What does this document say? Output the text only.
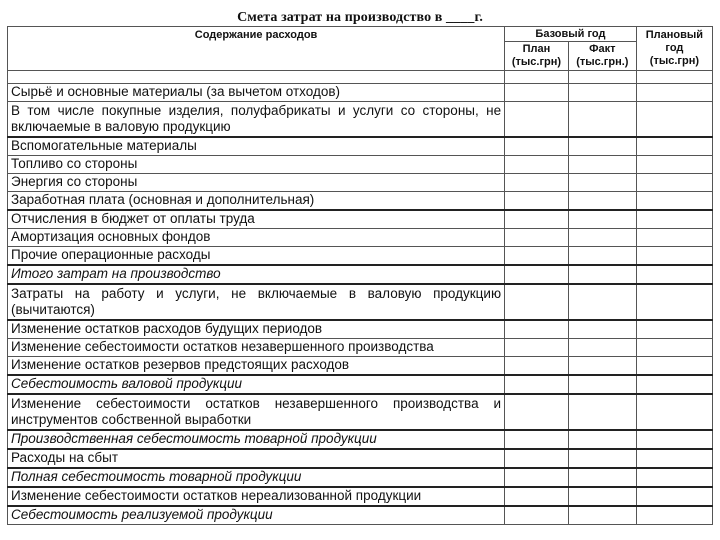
Смета затрат на производство в ____г.
Содержание расходов	Базовый год		Плановый год (тыс.грн)
	План (тыс.грн)	Факт (тыс.грн.)	

Сырьё и основные материалы (за вычетом отходов)			
В том числе покупные изделия, полуфабрикаты и услуги со стороны, не включаемые в валовую продукцию			
Вспомогательные материалы			
Топливо со стороны			
Энергия со стороны			
Заработная плата (основная и дополнительная)			
Отчисления в бюджет от оплаты труда			
Амортизация основных фондов			
Прочие операционные расходы			
Итого затрат на производство			
Затраты на работу и услуги, не включаемые в валовую продукцию (вычитаются)			
Изменение остатков расходов будущих периодов			
Изменение себестоимости остатков незавершенного производства			
Изменение остатков резервов предстоящих расходов			
Себестоимость валовой продукции			
Изменение себестоимости остатков незавершенного производства и инструментов собственной выработки			
Производственная себестоимость товарной продукции			
Расходы на сбыт			
Полная себестоимость товарной продукции			
Изменение себестоимости остатков нереализованной продукции			
Себестоимость реализуемой продукции			
